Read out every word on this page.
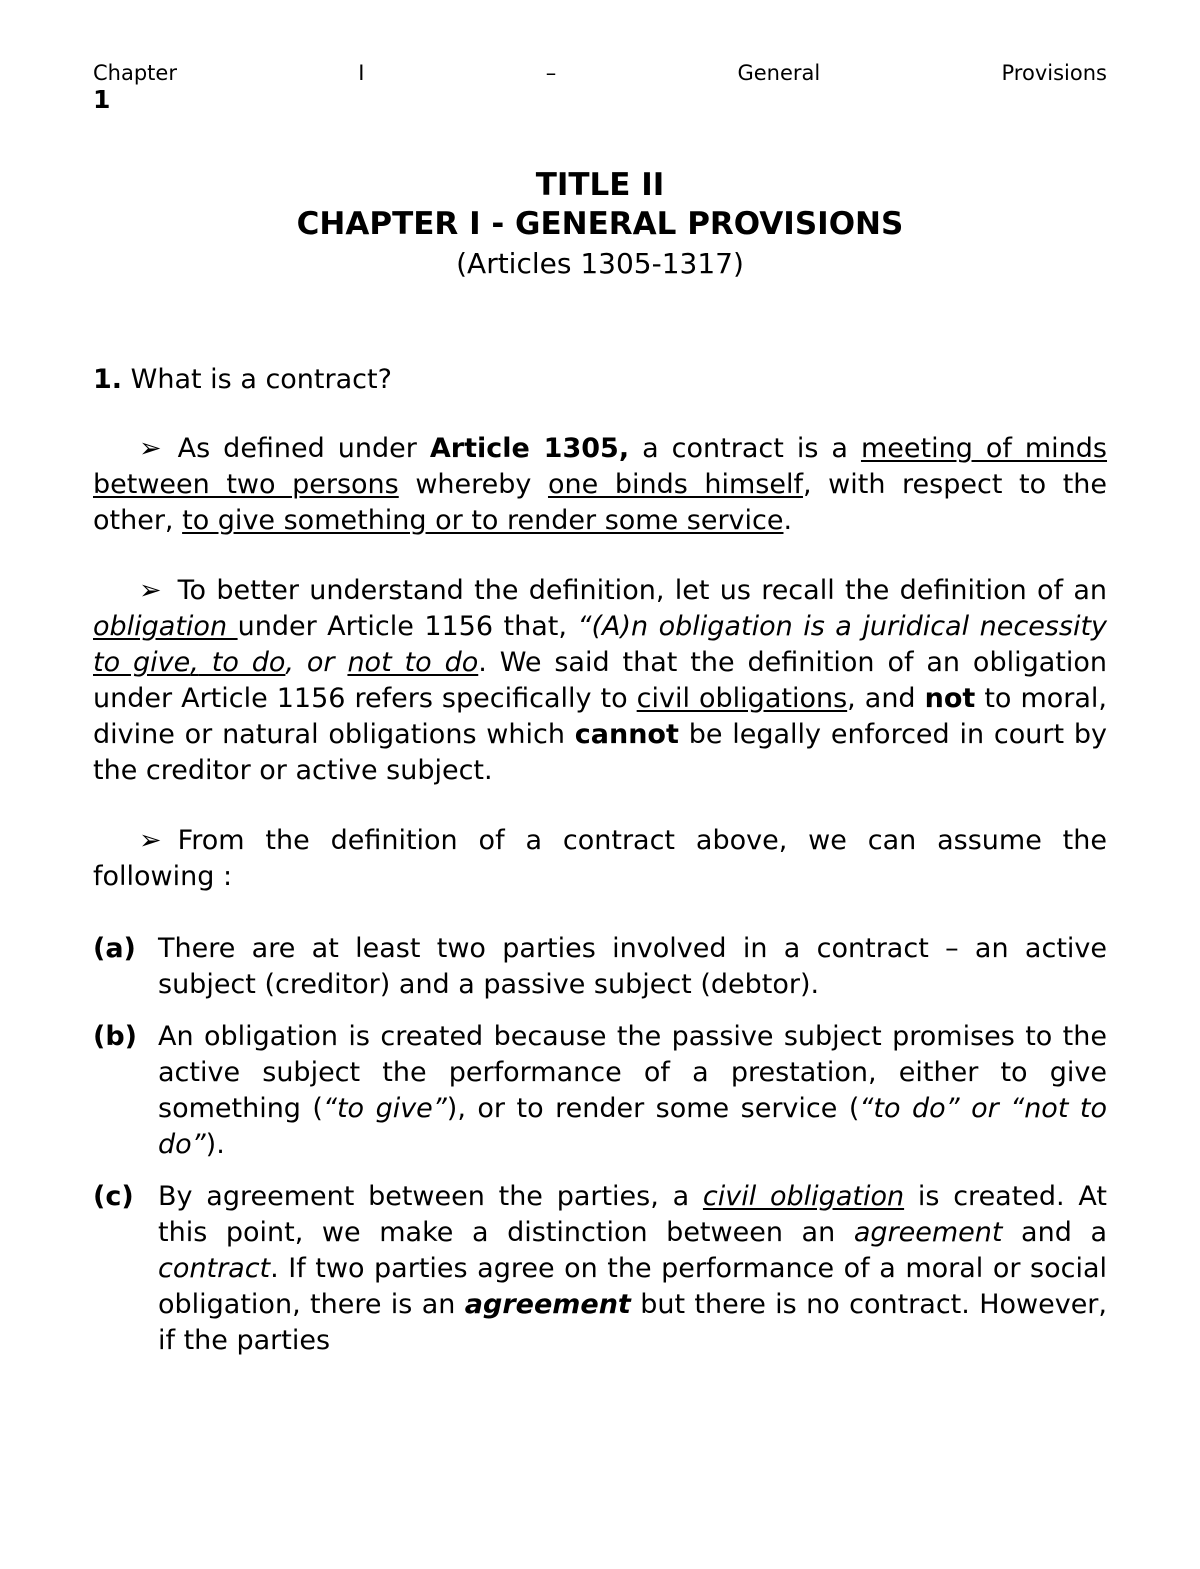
Chapter	I	–	General	Provisions
1
TITLE II
CHAPTER I - GENERAL PROVISIONS
(Articles 1305-1317)
1. What is a contract?
➢ As defined under Article 1305, a contract is a meeting of minds between two persons whereby one binds himself, with respect to the other, to give something or to render some service.
➢ To better understand the definition, let us recall the definition of an obligation under Article 1156 that, “(A)n obligation is a juridical necessity to give, to do, or not to do. We said that the definition of an obligation under Article 1156 refers specifically to civil obligations, and not to moral, divine or natural obligations which cannot be legally enforced in court by the creditor or active subject.
➢ From the definition of a contract above, we can assume the following :
(a) There are at least two parties involved in a contract – an active subject (creditor) and a passive subject (debtor).
(b) An obligation is created because the passive subject promises to the active subject the performance of a prestation, either to give something (“to give”), or to render some service (“to do” or “not to do”).
(c) By agreement between the parties, a civil obligation is created. At this point, we make a distinction between an agreement and a contract. If two parties agree on the performance of a moral or social obligation, there is an agreement but there is no contract. However, if the parties
